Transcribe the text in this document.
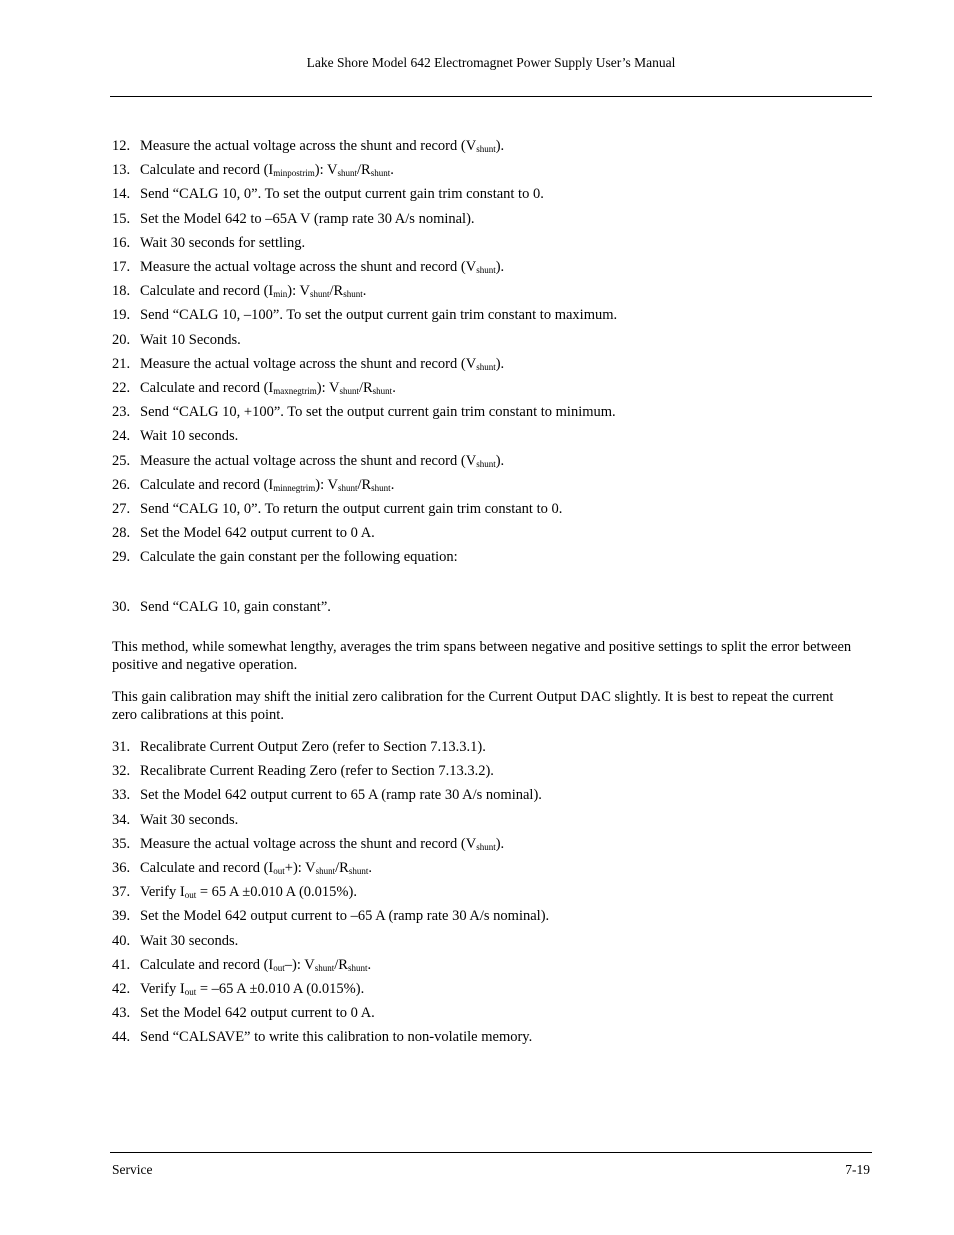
Lake Shore Model 642 Electromagnet Power Supply User’s Manual
This method, while somewhat lengthy, averages the trim spans between negative and positive settings to split the error between positive and negative operation.
This gain calibration may shift the initial zero calibration for the Current Output DAC slightly. It is best to repeat the current zero calibrations at this point.
12. Measure the actual voltage across the shunt and record $(V_{shunt})$.
13. Calculate and record $(I_{minpostrim})$: $V_{shunt}/R_{shunt}$.
14. Send “CALG 10, 0”. To set the output current gain trim constant to 0.
15. Set the Model 642 to –65A V (ramp rate 30 A/s nominal).
16. Wait 30 seconds for settling.
17. Measure the actual voltage across the shunt and record $(V_{shunt})$.
18. Calculate and record $(I_{min})$: $V_{shunt}/R_{shunt}$.
19. Send “CALG 10, –100”. To set the output current gain trim constant to maximum.
20. Wait 10 Seconds.
21. Measure the actual voltage across the shunt and record $(V_{shunt})$.
22. Calculate and record $(I_{maxnegtrim})$: $V_{shunt}/R_{shunt}$.
23. Send “CALG 10, +100”. To set the output current gain trim constant to minimum.
24. Wait 10 seconds.
25. Measure the actual voltage across the shunt and record $(V_{shunt})$.
26. Calculate and record $(I_{minnegtrim})$: $V_{shunt}/R_{shunt}$.
27. Send “CALG 10, 0”. To return the output current gain trim constant to 0.
28. Set the Model 642 output current to 0 A.
29. Calculate the gain constant per the following equation:
30. Send “CALG 10, gain constant”.
31. Recalibrate Current Output Zero (refer to Section 7.13.3.1).
32. Recalibrate Current Reading Zero (refer to Section 7.13.3.2).
33. Set the Model 642 output current to 65 A (ramp rate 30 A/s nominal).
34. Wait 30 seconds.
35. Measure the actual voltage across the shunt and record $(V_{shunt})$.
36. Calculate and record $(I_{out}+)$: $V_{shunt}/R_{shunt}$.
37. Verify $I_{out} = 65$ A ±0.010 A (0.015%).
39. Set the Model 642 output current to –65 A (ramp rate 30 A/s nominal).
40. Wait 30 seconds.
41. Calculate and record $(I_{out}-)$: $V_{shunt}/R_{shunt}$.
42. Verify $I_{out} = -65$ A ±0.010 A (0.015%).
43. Set the Model 642 output current to 0 A.
44. Send “CALSAVE” to write this calibration to non-volatile memory.
Service	7-19
